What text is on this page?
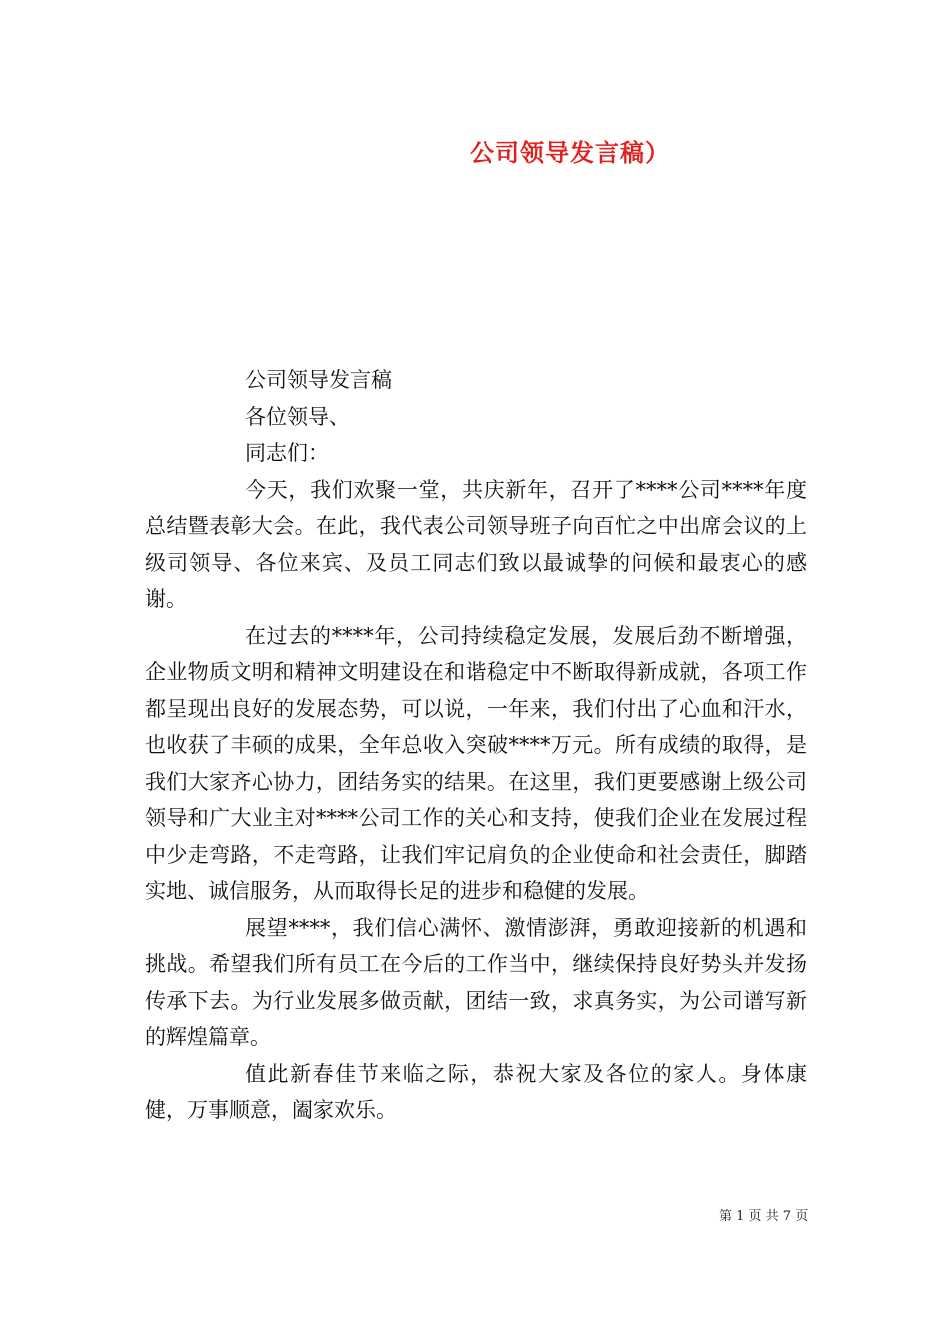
公司领导发言稿）

公司领导发言稿

各位领导、

同志们：

今天，我们欢聚一堂，共庆新年，召开了****公司****年度总结暨表彰大会。在此，我代表公司领导班子向百忙之中出席会议的上级司领导、各位来宾、及员工同志们致以最诚挚的问候和最衷心的感谢。

在过去的****年，公司持续稳定发展，发展后劲不断增强，企业物质文明和精神文明建设在和谐稳定中不断取得新成就，各项工作都呈现出良好的发展态势，可以说，一年来，我们付出了心血和汗水，也收获了丰硕的成果，全年总收入突破****万元。所有成绩的取得，是我们大家齐心协力，团结务实的结果。在这里，我们更要感谢上级公司领导和广大业主对****公司工作的关心和支持，使我们企业在发展过程中少走弯路，不走弯路，让我们牢记肩负的企业使命和社会责任，脚踏实地、诚信服务，从而取得长足的进步和稳健的发展。

展望****，我们信心满怀、激情澎湃，勇敢迎接新的机遇和挑战。希望我们所有员工在今后的工作当中，继续保持良好势头并发扬传承下去。为行业发展多做贡献，团结一致，求真务实，为公司谱写新的辉煌篇章。

值此新春佳节来临之际，恭祝大家及各位的家人。身体康健，万事顺意，阖家欢乐。

第 1 页 共 7 页
